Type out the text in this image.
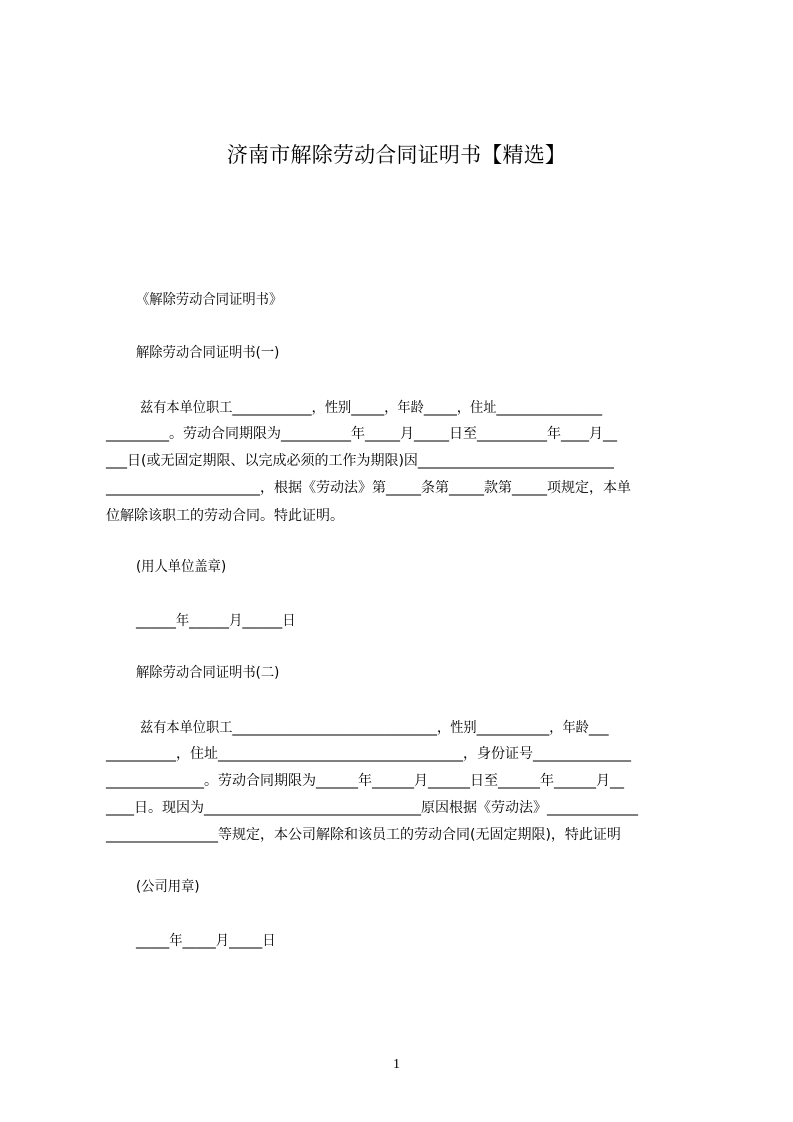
济南市解除劳动合同证明书【精选】
《解除劳动合同证明书》
解除劳动合同证明书(一)
兹有本单位职工____________，性别_____，年龄_____，住址________________
_________。劳动合同期限为__________年_____月_____日至__________年____月__
___日(或无固定期限、以完成必须的工作为期限)因____________________________
______________________，根据《劳动法》第_____条第_____款第_____项规定，本单
位解除该职工的劳动合同。特此证明。
(用人单位盖章)
______年______月______日
解除劳动合同证明书(二)
兹有本单位职工_______________________________，性别___________，年龄___
__________，住址___________________________________，身份证号______________
______________。劳动合同期限为______年______月______日至______年______月__
____日。现因为_______________________________原因根据《劳动法》_____________
________________等规定，本公司解除和该员工的劳动合同(无固定期限)，特此证明
(公司用章)
_____年_____月_____日
1
